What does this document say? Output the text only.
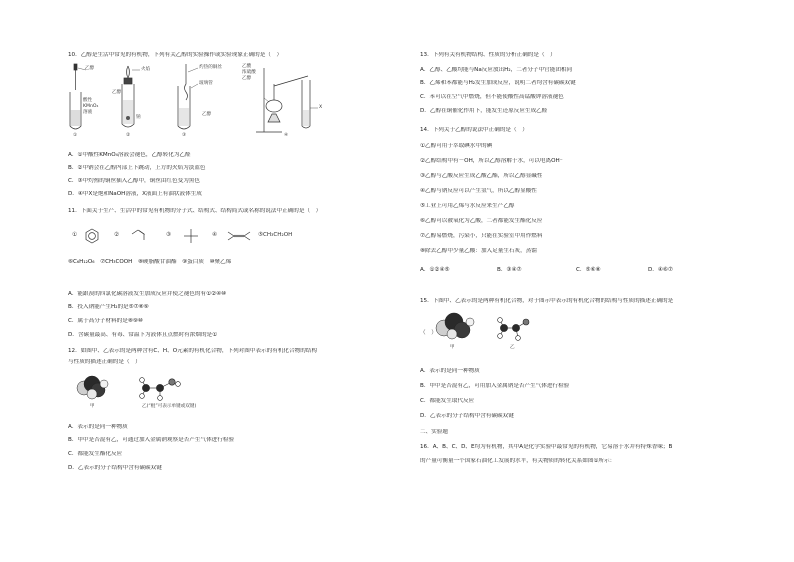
10．乙醇是生活中常见的有机物，下列有关乙醇的实验操作或实验现象正确的是（　）
乙醇
酸性
KMnO₄
溶液
火焰
乙醇
钠
灼热的铜丝
玻璃管
乙醇
乙酸
浓硫酸
乙醇
X
①	②	③	④
A．①中酸性KMnO₄溶液会褪色，乙醇转化为乙醛
B．②中钠会在乙醇内部上下跳动，上方的火焰为淡蓝色
C．③中灼热的铜丝插入乙醇中，铜丝由红色变为黑色
D．④中X是饱和NaOH溶液，X液面上有油状液体生成
11．下面关于生产、生活中的常见有机物的分子式、结构式、结构简式或名称的说法中正确的是（　）
①	②	③	④	⑤CH₃CH₂OH
⑥C₆H₁₂O₆　⑦CH₃COOH　⑧硬脂酸甘油酯　⑨蛋白质　⑩聚乙烯
A．能跟溴的四氯化碳溶液发生加成反应并使之褪色的有①②④⑩
B．投入钠能产生H₂的是⑤⑦⑧⑨
C．属于高分子材料的是⑧⑨⑩
D．含碳量最高、有毒、常温下为液体且点燃时有浓烟的是①
12．如图甲、乙表示的是两种含有C、H、O元素的有机化合物，下列对图中表示的有机化合物的结构
与性质的描述正确的是（　）
甲	乙(“棍”可表示单键或双键)
A．表示的是同一种物质
B．甲中是否混有乙，可通过加入金属钠观察是否产生气体进行检验
C．都能发生酯化反应
D．乙表示的分子结构中含有碳碳双键
13．下列有关有机物结构、性质的分析正确的是（　）
A．乙醇、乙酸均能与Na反应放出H₂，二者分子中官能团相同
B．乙烯和苯都能与H₂发生加成反应，说明二者均含有碳碳双键
C．苯可以在空气中燃烧，但不能使酸性高锰酸钾溶液褪色
D．乙醇在铜催化作用下，能发生还原反应生成乙醛
14．下列关于乙醇的说法中正确的是（　）
①乙醇可用于萃取碘水中的碘
②乙醇结构中有－OH，所以乙醇溶解于水，可以电离OH⁻
③乙醇与乙酸反应生成乙酸乙酯，所以乙醇显碱性
④乙醇与钠反应可以产生氢气，所以乙醇显酸性
⑤工业上可用乙烯与水反应来生产乙醇
⑥乙醇可以被氧化为乙酸，二者都能发生酯化反应
⑦乙醇易燃烧，污染小，只能在实验室中用作燃料
⑧除去乙醇中少量乙酸：加入足量生石灰，蒸馏
A．①②④⑤	B．③④⑦	C．⑤⑥⑧	D．④⑥⑦
15．下图甲、乙表示的是两种有机化合物，对于图示中表示的有机化合物的结构与性质的描述正确的是
（　）
甲	乙
A．表示的是同一种物质
B．甲中是否混有乙，可用加入金属钠是否产生气体进行检验
C．都能发生取代反应
D．乙表示的分子结构中含有碳碳双键
二、实验题
16．A、B、C、D、E均为有机物，其中A是化学实验中最常见的有机物，它易溶于水并有特殊香味；B
的产量可衡量一个国家石油化工发展的水平，有关物质的转化关系如图①所示：
